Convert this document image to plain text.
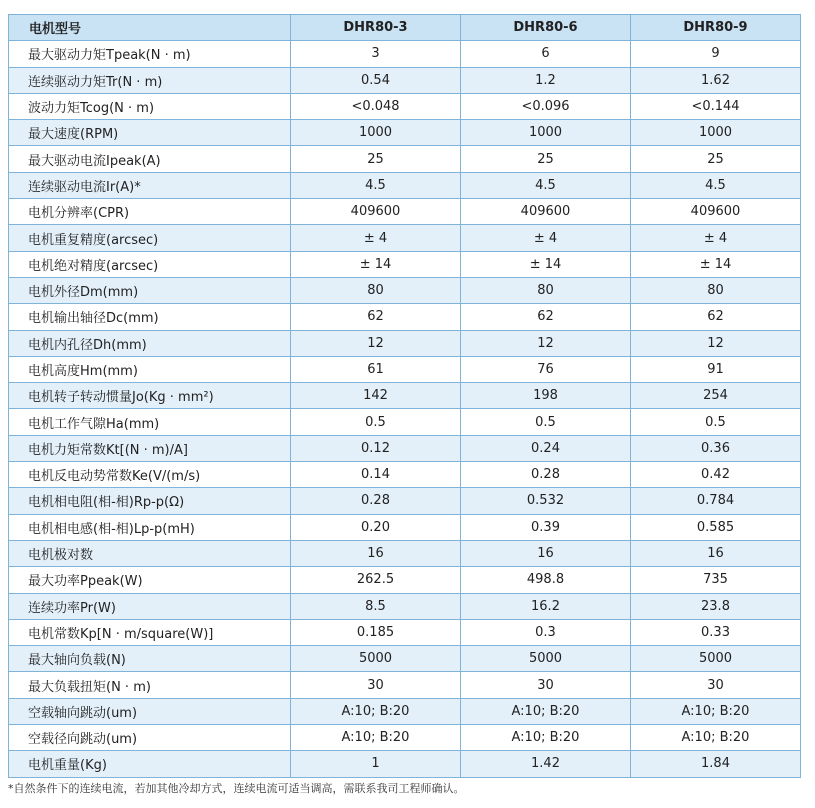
电机型号	DHR80-3	DHR80-6	DHR80-9
最大驱动力矩Tpeak(N · m)	3	6	9
连续驱动力矩Tr(N · m)	0.54	1.2	1.62
波动力矩Tcog(N · m)	<0.048	<0.096	<0.144
最大速度(RPM)	1000	1000	1000
最大驱动电流Ipeak(A)	25	25	25
连续驱动电流Ir(A)*	4.5	4.5	4.5
电机分辨率(CPR)	409600	409600	409600
电机重复精度(arcsec)	± 4	± 4	± 4
电机绝对精度(arcsec)	± 14	± 14	± 14
电机外径Dm(mm)	80	80	80
电机输出轴径Dc(mm)	62	62	62
电机内孔径Dh(mm)	12	12	12
电机高度Hm(mm)	61	76	91
电机转子转动惯量Jo(Kg · mm²)	142	198	254
电机工作气隙Ha(mm)	0.5	0.5	0.5
电机力矩常数Kt[(N · m)/A]	0.12	0.24	0.36
电机反电动势常数Ke(V/(m/s)	0.14	0.28	0.42
电机相电阻(相-相)Rp-p(Ω)	0.28	0.532	0.784
电机相电感(相-相)Lp-p(mH)	0.20	0.39	0.585
电机极对数	16	16	16
最大功率Ppeak(W)	262.5	498.8	735
连续功率Pr(W)	8.5	16.2	23.8
电机常数Kp[N · m/square(W)]	0.185	0.3	0.33
最大轴向负载(N)	5000	5000	5000
最大负载扭矩(N · m)	30	30	30
空载轴向跳动(um)	A:10; B:20	A:10; B:20	A:10; B:20
空载径向跳动(um)	A:10; B:20	A:10; B:20	A:10; B:20
电机重量(Kg)	1	1.42	1.84
*自然条件下的连续电流，若加其他冷却方式，连续电流可适当调高，需联系我司工程师确认。
